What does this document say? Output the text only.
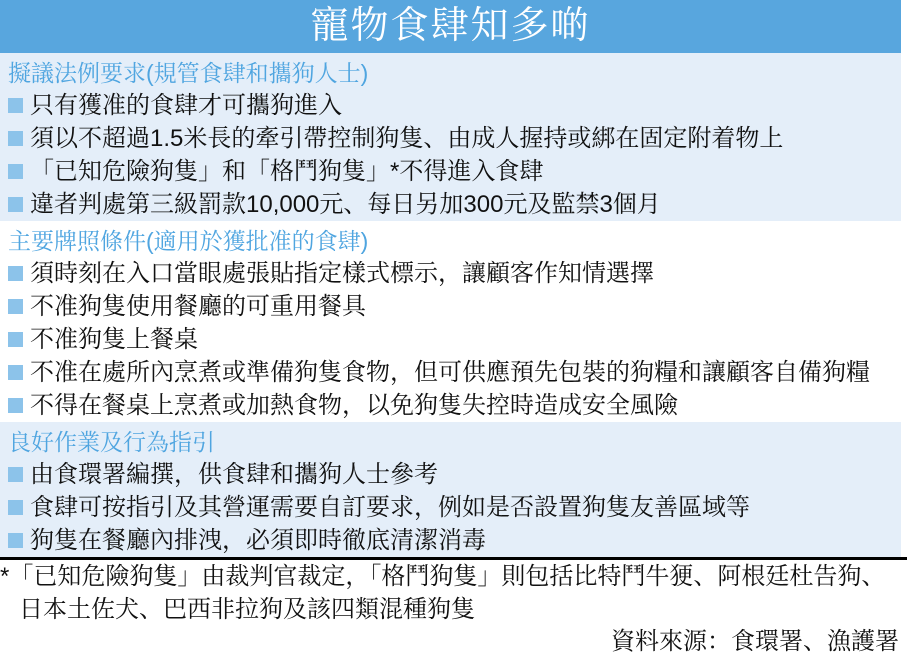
寵物食肆知多啲
擬議法例要求(規管食肆和攜狗人士)
只有獲准的食肆才可攜狗進入
須以不超過1.5米長的牽引帶控制狗隻、由成人握持或綁在固定附着物上
「已知危險狗隻」和「格鬥狗隻」*不得進入食肆
違者判處第三級罰款10,000元、每日另加300元及監禁3個月
主要牌照條件(適用於獲批准的食肆)
須時刻在入口當眼處張貼指定樣式標示，讓顧客作知情選擇
不准狗隻使用餐廳的可重用餐具
不准狗隻上餐桌
不准在處所內烹煮或準備狗隻食物，但可供應預先包裝的狗糧和讓顧客自備狗糧
不得在餐桌上烹煮或加熱食物，以免狗隻失控時造成安全風險
良好作業及行為指引
由食環署編撰，供食肆和攜狗人士參考
食肆可按指引及其營運需要自訂要求，例如是否設置狗隻友善區域等
狗隻在餐廳內排洩，必須即時徹底清潔消毒

*「已知危險狗隻」由裁判官裁定，「格鬥狗隻」則包括比特鬥牛㹴、阿根廷杜告狗、日本土佐犬、巴西非拉狗及該四類混種狗隻

資料來源：食環署、漁護署
